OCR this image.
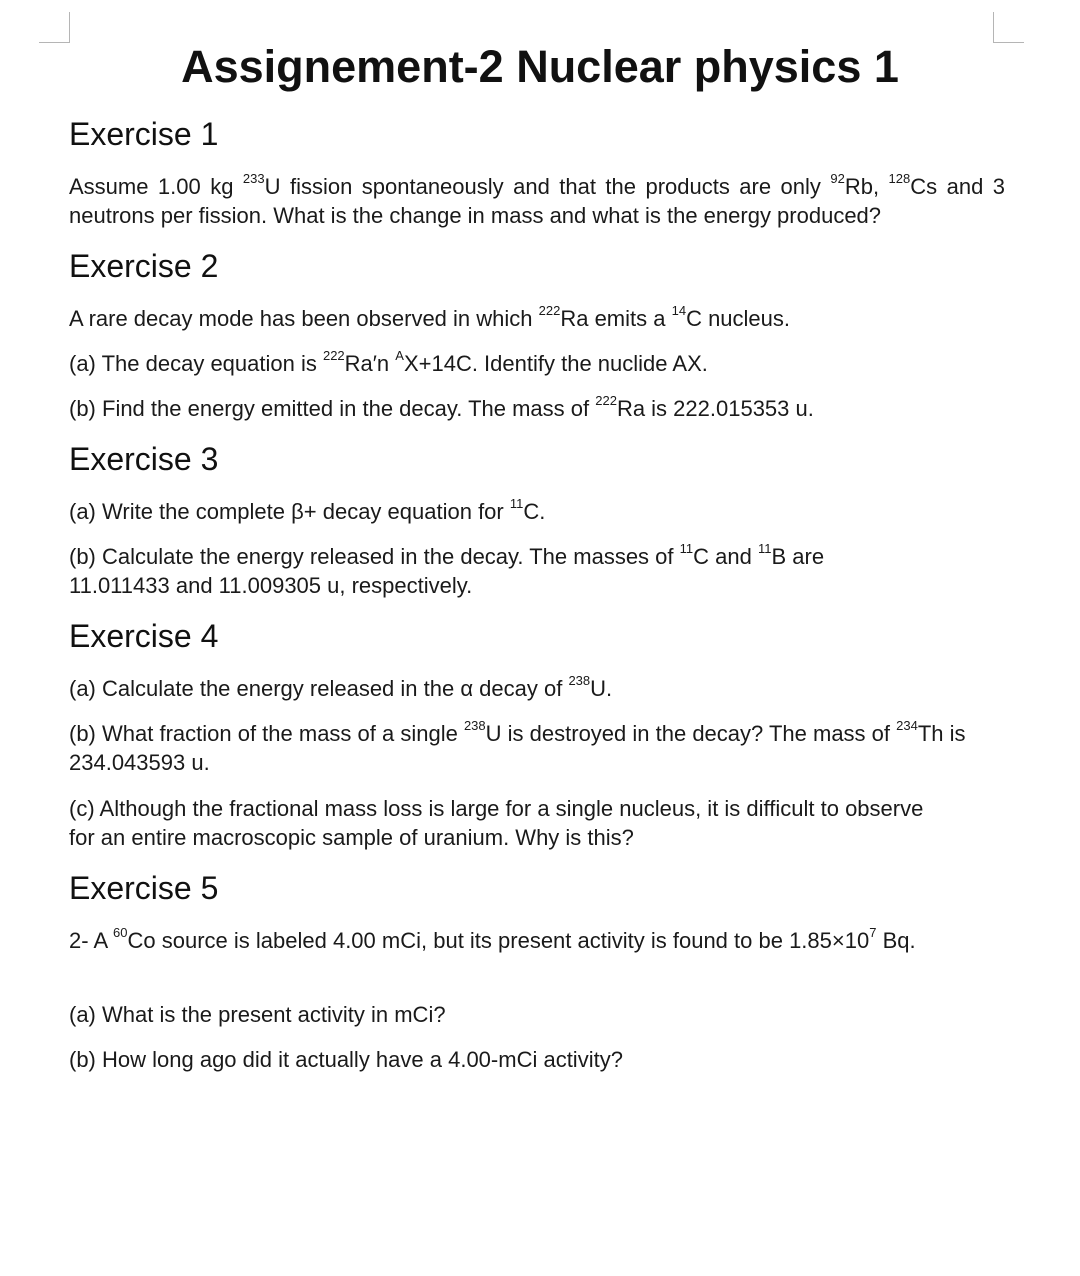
Assignement-2 Nuclear physics 1
Exercise 1

Assume 1.00 kg $^{233}$U fission spontaneously and that the products are only $^{92}$Rb, $^{128}$Cs and 3 neutrons per fission. What is the change in mass and what is the energy produced?

Exercise 2

A rare decay mode has been observed in which $^{222}$Ra emits a $^{14}$C nucleus.

(a) The decay equation is $^{222}$Ra′n $^A$X+14C. Identify the nuclide AX.

(b) Find the energy emitted in the decay. The mass of $^{222}$Ra is 222.015353 u.

Exercise 3

(a) Write the complete β+ decay equation for $^{11}$C.

(b) Calculate the energy released in the decay. The masses of $^{11}$C and $^{11}$B are 11.011433 and 11.009305 u, respectively.

Exercise 4

(a) Calculate the energy released in the α decay of $^{238}$U.

(b) What fraction of the mass of a single $^{238}$U is destroyed in the decay? The mass of $^{234}$Th is 234.043593 u.

(c) Although the fractional mass loss is large for a single nucleus, it is difficult to observe for an entire macroscopic sample of uranium. Why is this?

Exercise 5

2- A $^{60}$Co source is labeled 4.00 mCi, but its present activity is found to be $1.85\times 10^7$ Bq.

(a) What is the present activity in mCi?

(b) How long ago did it actually have a 4.00-mCi activity?
